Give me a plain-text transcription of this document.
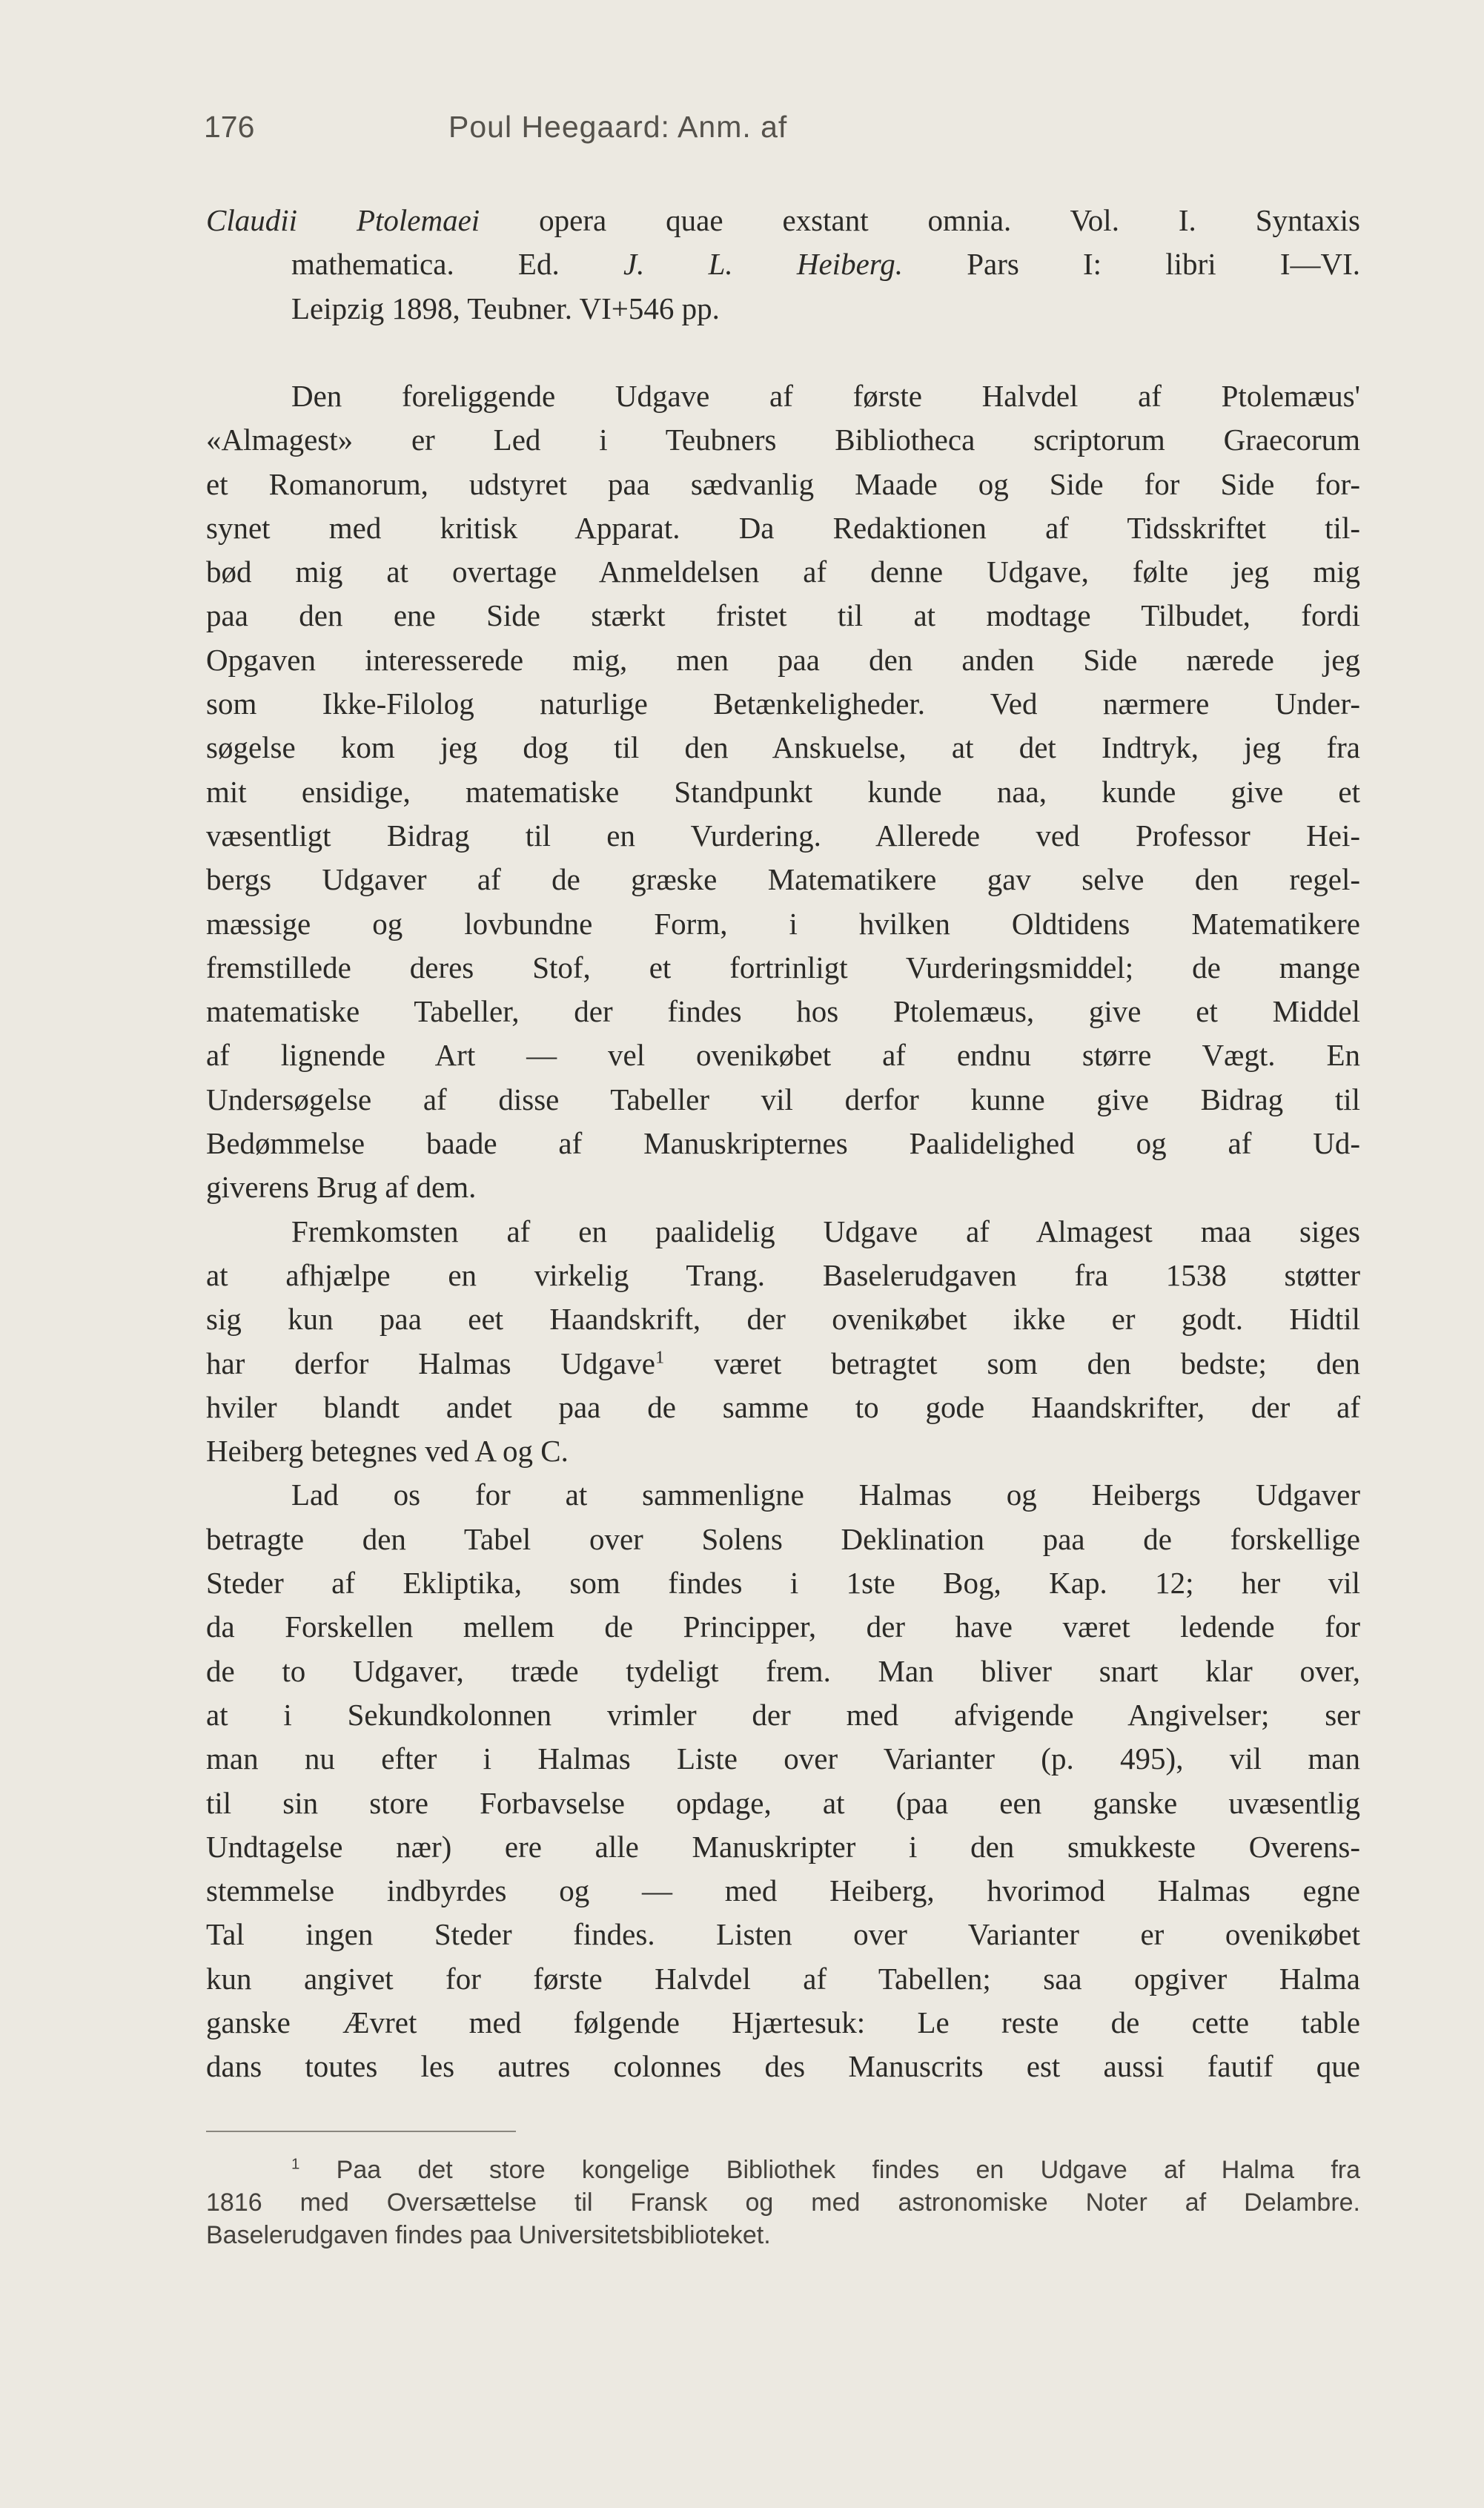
176	Poul Heegaard: Anm. af
Claudii Ptolemaei opera quae exstant omnia. Vol. I. Syntaxis
mathematica. Ed. J. L. Heiberg. Pars I: libri I—VI.
Leipzig 1898, Teubner. VI+546 pp.
Den foreliggende Udgave af første Halvdel af Ptolemæus'
«Almagest» er Led i Teubners Bibliotheca scriptorum Graecorum
et Romanorum, udstyret paa sædvanlig Maade og Side for Side for-
synet med kritisk Apparat. Da Redaktionen af Tidsskriftet til-
bød mig at overtage Anmeldelsen af denne Udgave, følte jeg mig
paa den ene Side stærkt fristet til at modtage Tilbudet, fordi
Opgaven interesserede mig, men paa den anden Side nærede jeg
som Ikke-Filolog naturlige Betænkeligheder. Ved nærmere Under-
søgelse kom jeg dog til den Anskuelse, at det Indtryk, jeg fra
mit ensidige, matematiske Standpunkt kunde naa, kunde give et
væsentligt Bidrag til en Vurdering. Allerede ved Professor Hei-
bergs Udgaver af de græske Matematikere gav selve den regel-
mæssige og lovbundne Form, i hvilken Oldtidens Matematikere
fremstillede deres Stof, et fortrinligt Vurderingsmiddel; de mange
matematiske Tabeller, der findes hos Ptolemæus, give et Middel
af lignende Art — vel ovenikøbet af endnu større Vægt. En
Undersøgelse af disse Tabeller vil derfor kunne give Bidrag til
Bedømmelse baade af Manuskripternes Paalidelighed og af Ud-
giverens Brug af dem.
Fremkomsten af en paalidelig Udgave af Almagest maa siges
at afhjælpe en virkelig Trang. Baselerudgaven fra 1538 støtter
sig kun paa eet Haandskrift, der ovenikøbet ikke er godt. Hidtil
har derfor Halmas Udgave$^1$ været betragtet som den bedste; den
hviler blandt andet paa de samme to gode Haandskrifter, der af
Heiberg betegnes ved A og C.
Lad os for at sammenligne Halmas og Heibergs Udgaver
betragte den Tabel over Solens Deklination paa de forskellige
Steder af Ekliptika, som findes i 1ste Bog, Kap. 12; her vil
da Forskellen mellem de Principper, der have været ledende for
de to Udgaver, træde tydeligt frem. Man bliver snart klar over,
at i Sekundkolonnen vrimler der med afvigende Angivelser; ser
man nu efter i Halmas Liste over Varianter (p. 495), vil man
til sin store Forbavselse opdage, at (paa een ganske uvæsentlig
Undtagelse nær) ere alle Manuskripter i den smukkeste Overens-
stemmelse indbyrdes og — med Heiberg, hvorimod Halmas egne
Tal ingen Steder findes. Listen over Varianter er ovenikøbet
kun angivet for første Halvdel af Tabellen; saa opgiver Halma
ganske Ævret med følgende Hjærtesuk: Le reste de cette table
dans toutes les autres colonnes des Manuscrits est aussi fautif que
$^1$ Paa det store kongelige Bibliothek findes en Udgave af Halma fra
1816 med Oversættelse til Fransk og med astronomiske Noter af Delambre.
Baselerudgaven findes paa Universitetsbiblioteket.
